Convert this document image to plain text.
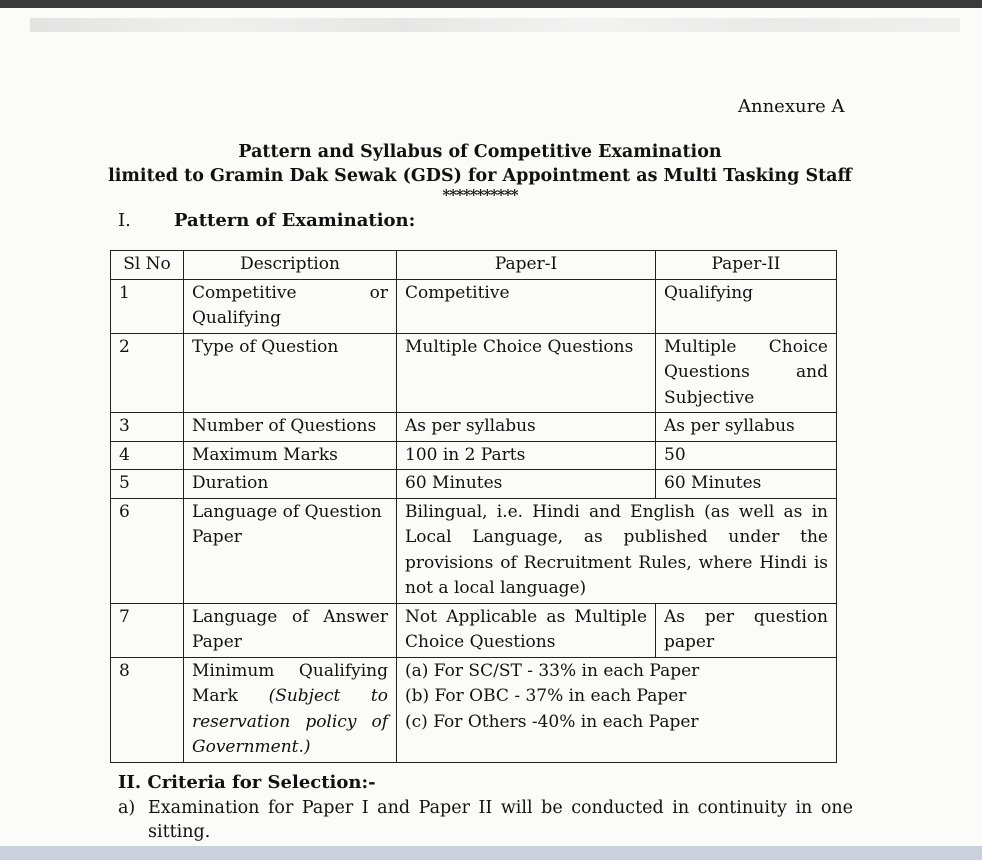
Annexure A
Pattern and Syllabus of Competitive Examination
limited to Gramin Dak Sewak (GDS) for Appointment as Multi Tasking Staff
***********
I. Pattern of Examination:
Sl No	Description	Paper-I	Paper-II
1	Competitive or Qualifying	Competitive	Qualifying
2	Type of Question	Multiple Choice Questions	Multiple Choice Questions and Subjective
3	Number of Questions	As per syllabus	As per syllabus
4	Maximum Marks	100 in 2 Parts	50
5	Duration	60 Minutes	60 Minutes
6	Language of Question Paper	Bilingual, i.e. Hindi and English (as well as in Local Language, as published under the provisions of Recruitment Rules, where Hindi is not a local language)	
7	Language of Answer Paper	Not Applicable as Multiple Choice Questions	As per question paper
8	Minimum Qualifying Mark (Subject to reservation policy of Government.)	(a) For SC/ST - 33% in each Paper
(b) For OBC - 37% in each Paper
(c) For Others -40% in each Paper	
II. Criteria for Selection:-
a) Examination for Paper I and Paper II will be conducted in continuity in one sitting.
